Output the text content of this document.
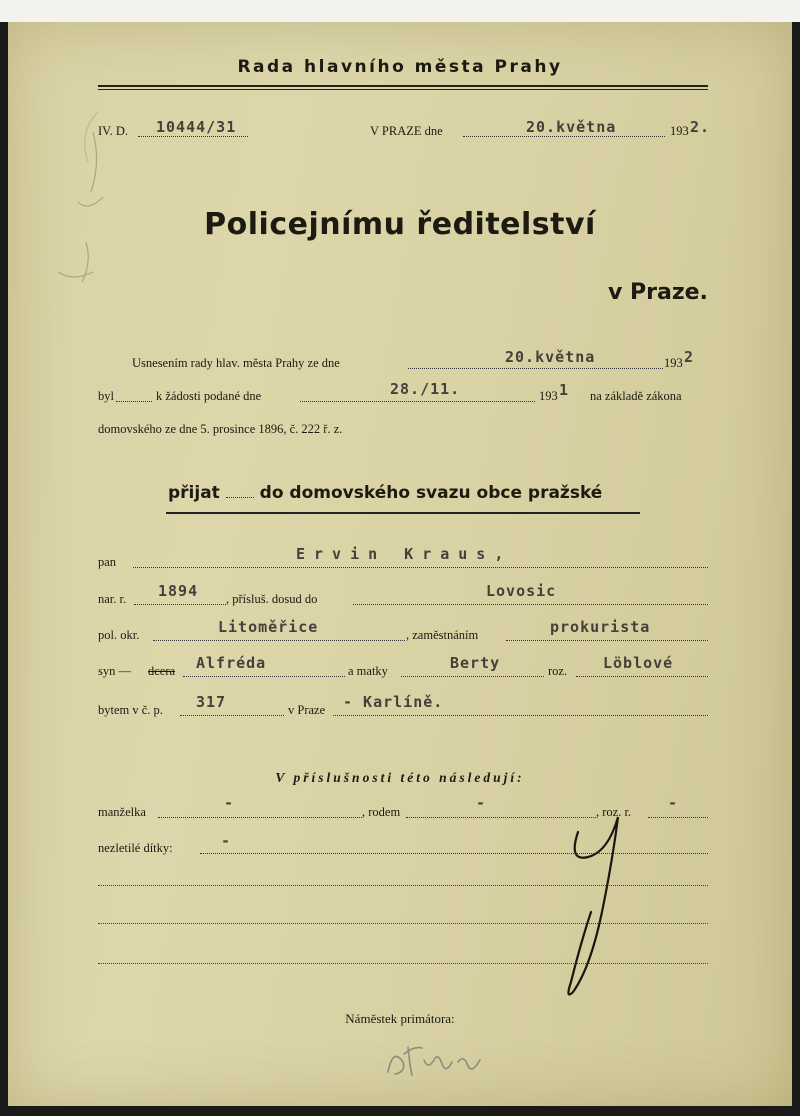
Rada hlavního města Prahy
IV. D. 10444/31	V PRAZE dne	20.května	193 2.
Policejnímu ředitelství
v Praze.
Usnesením rady hlav. města Prahy ze dne	20.května	193 2
byl	k žádosti podané dne	28./11.	193 1 na základě zákona
domovského ze dne 5. prosince 1896, č. 222 ř. z.
přijat do domovského svazu obce pražské
pan	Ervin Kraus,
nar. r. 1894 , přísluš. dosud do	Lovosic
pol. okr.	Litoměřice	, zaměstnáním	prokurista
syn — dcera Alfréda	a matky	Berty	roz. Löblové
bytem v č. p. 317	v Praze - Karlíně.
V příslušnosti této následují:
manželka	-	, rodem	-	, roz. r. -
nezletilé dítky:	-
Náměstek primátora:
•2806
